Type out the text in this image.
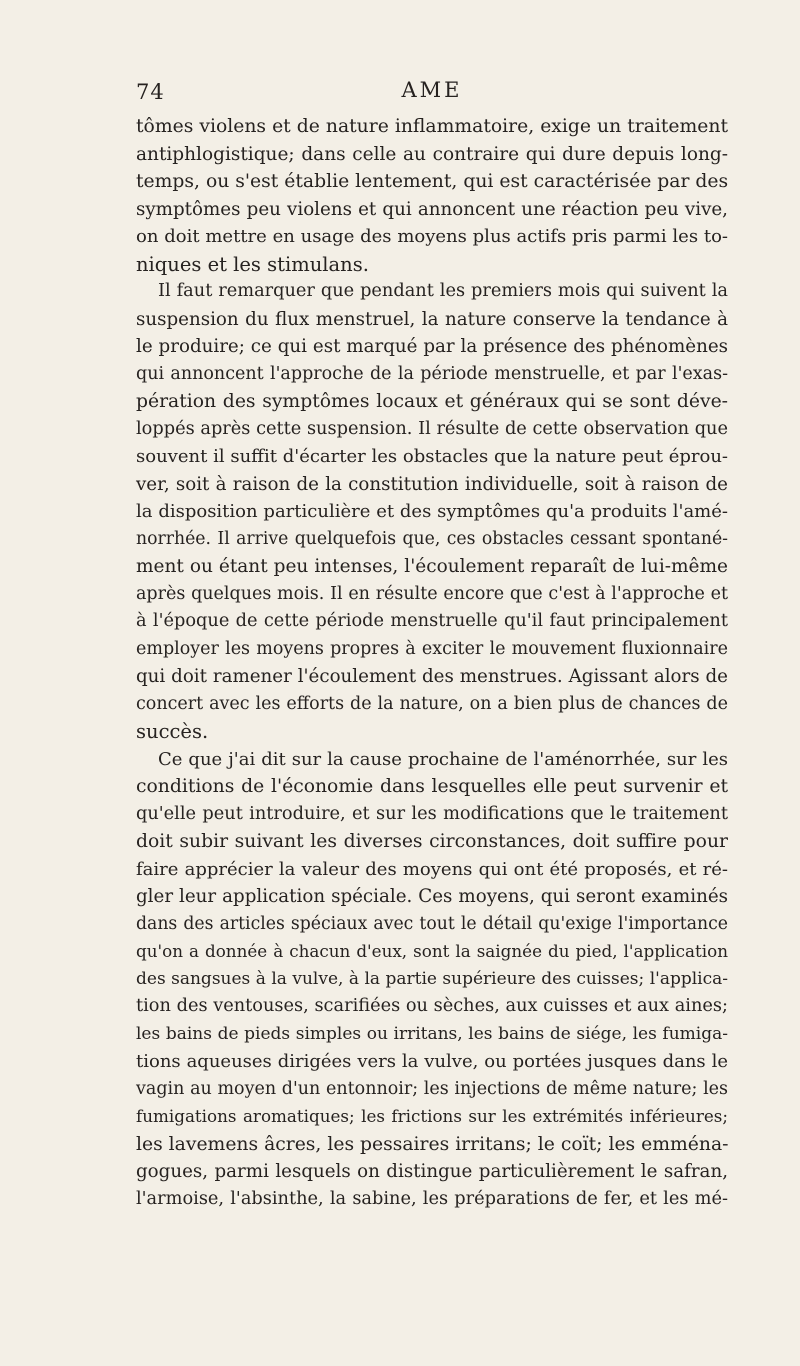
74	AME
tômes violens et de nature inflammatoire, exige un traitement
antiphlogistique; dans celle au contraire qui dure depuis long-
temps, ou s'est établie lentement, qui est caractérisée par des
symptômes peu violens et qui annoncent une réaction peu vive,
on doit mettre en usage des moyens plus actifs pris parmi les to-
niques et les stimulans.
Il faut remarquer que pendant les premiers mois qui suivent la
suspension du flux menstruel, la nature conserve la tendance à
le produire; ce qui est marqué par la présence des phénomènes
qui annoncent l'approche de la période menstruelle, et par l'exas-
pération des symptômes locaux et généraux qui se sont déve-
loppés après cette suspension. Il résulte de cette observation que
souvent il suffit d'écarter les obstacles que la nature peut éprou-
ver, soit à raison de la constitution individuelle, soit à raison de
la disposition particulière et des symptômes qu'a produits l'amé-
norrhée. Il arrive quelquefois que, ces obstacles cessant spontané-
ment ou étant peu intenses, l'écoulement reparaît de lui-même
après quelques mois. Il en résulte encore que c'est à l'approche et
à l'époque de cette période menstruelle qu'il faut principalement
employer les moyens propres à exciter le mouvement fluxionnaire
qui doit ramener l'écoulement des menstrues. Agissant alors de
concert avec les efforts de la nature, on a bien plus de chances de
succès.
Ce que j'ai dit sur la cause prochaine de l'aménorrhée, sur les
conditions de l'économie dans lesquelles elle peut survenir et
qu'elle peut introduire, et sur les modifications que le traitement
doit subir suivant les diverses circonstances, doit suffire pour
faire apprécier la valeur des moyens qui ont été proposés, et ré-
gler leur application spéciale. Ces moyens, qui seront examinés
dans des articles spéciaux avec tout le détail qu'exige l'importance
qu'on a donnée à chacun d'eux, sont la saignée du pied, l'application
des sangsues à la vulve, à la partie supérieure des cuisses; l'applica-
tion des ventouses, scarifiées ou sèches, aux cuisses et aux aines;
les bains de pieds simples ou irritans, les bains de siége, les fumiga-
tions aqueuses dirigées vers la vulve, ou portées jusques dans le
vagin au moyen d'un entonnoir; les injections de même nature; les
fumigations aromatiques; les frictions sur les extrémités inférieures;
les lavemens âcres, les pessaires irritans; le coït; les emména-
gogues, parmi lesquels on distingue particulièrement le safran,
l'armoise, l'absinthe, la sabine, les préparations de fer, et les mé-
